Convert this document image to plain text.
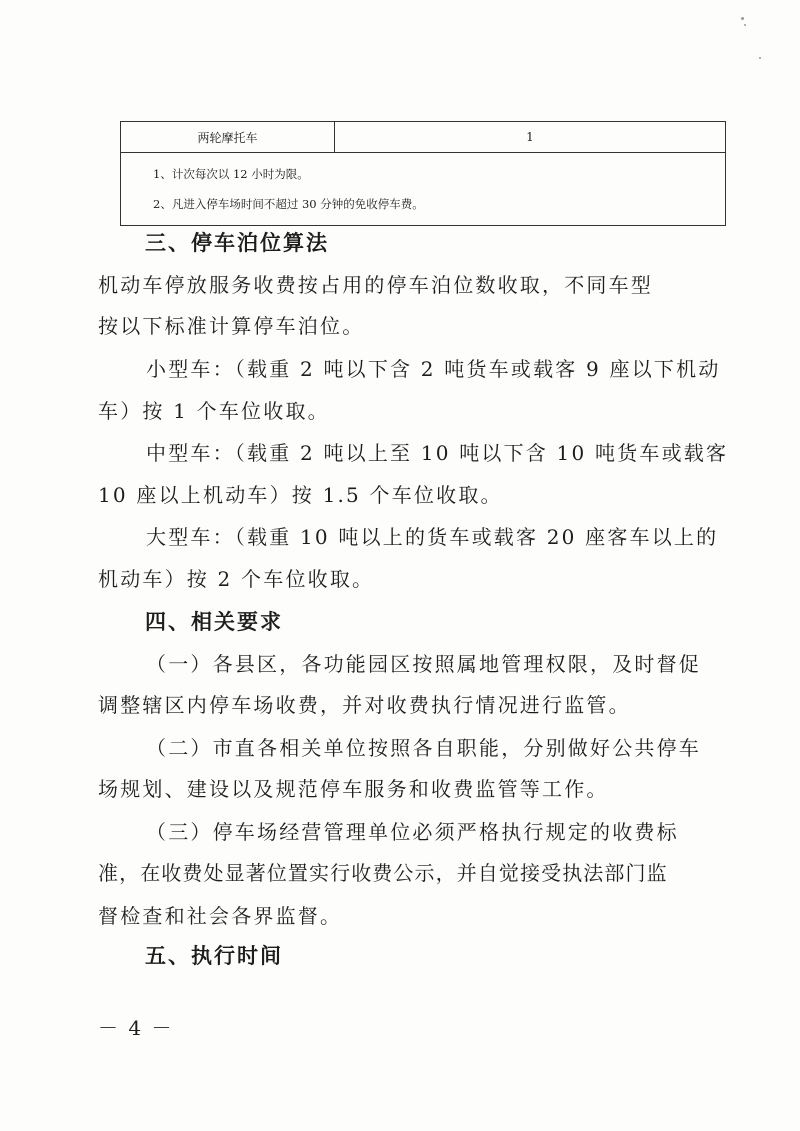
两轮摩托车	1

1、计次每次以 12 小时为限。
2、凡进入停车场时间不超过 30 分钟的免收停车费。
三、停车泊位算法
机动车停放服务收费按占用的停车泊位数收取，不同车型
按以下标准计算停车泊位。
小型车：（载重 2 吨以下含 2 吨货车或载客 9 座以下机动
车）按 1 个车位收取。
中型车：（载重 2 吨以上至 10 吨以下含 10 吨货车或载客
10 座以上机动车）按 1.5 个车位收取。
大型车：（载重 10 吨以上的货车或载客 20 座客车以上的
机动车）按 2 个车位收取。
四、相关要求
（一）各县区，各功能园区按照属地管理权限，及时督促
调整辖区内停车场收费，并对收费执行情况进行监管。
（二）市直各相关单位按照各自职能，分别做好公共停车
场规划、建设以及规范停车服务和收费监管等工作。
（三）停车场经营管理单位必须严格执行规定的收费标
准，在收费处显著位置实行收费公示，并自觉接受执法部门监
督检查和社会各界监督。
五、执行时间
－ 4 －
